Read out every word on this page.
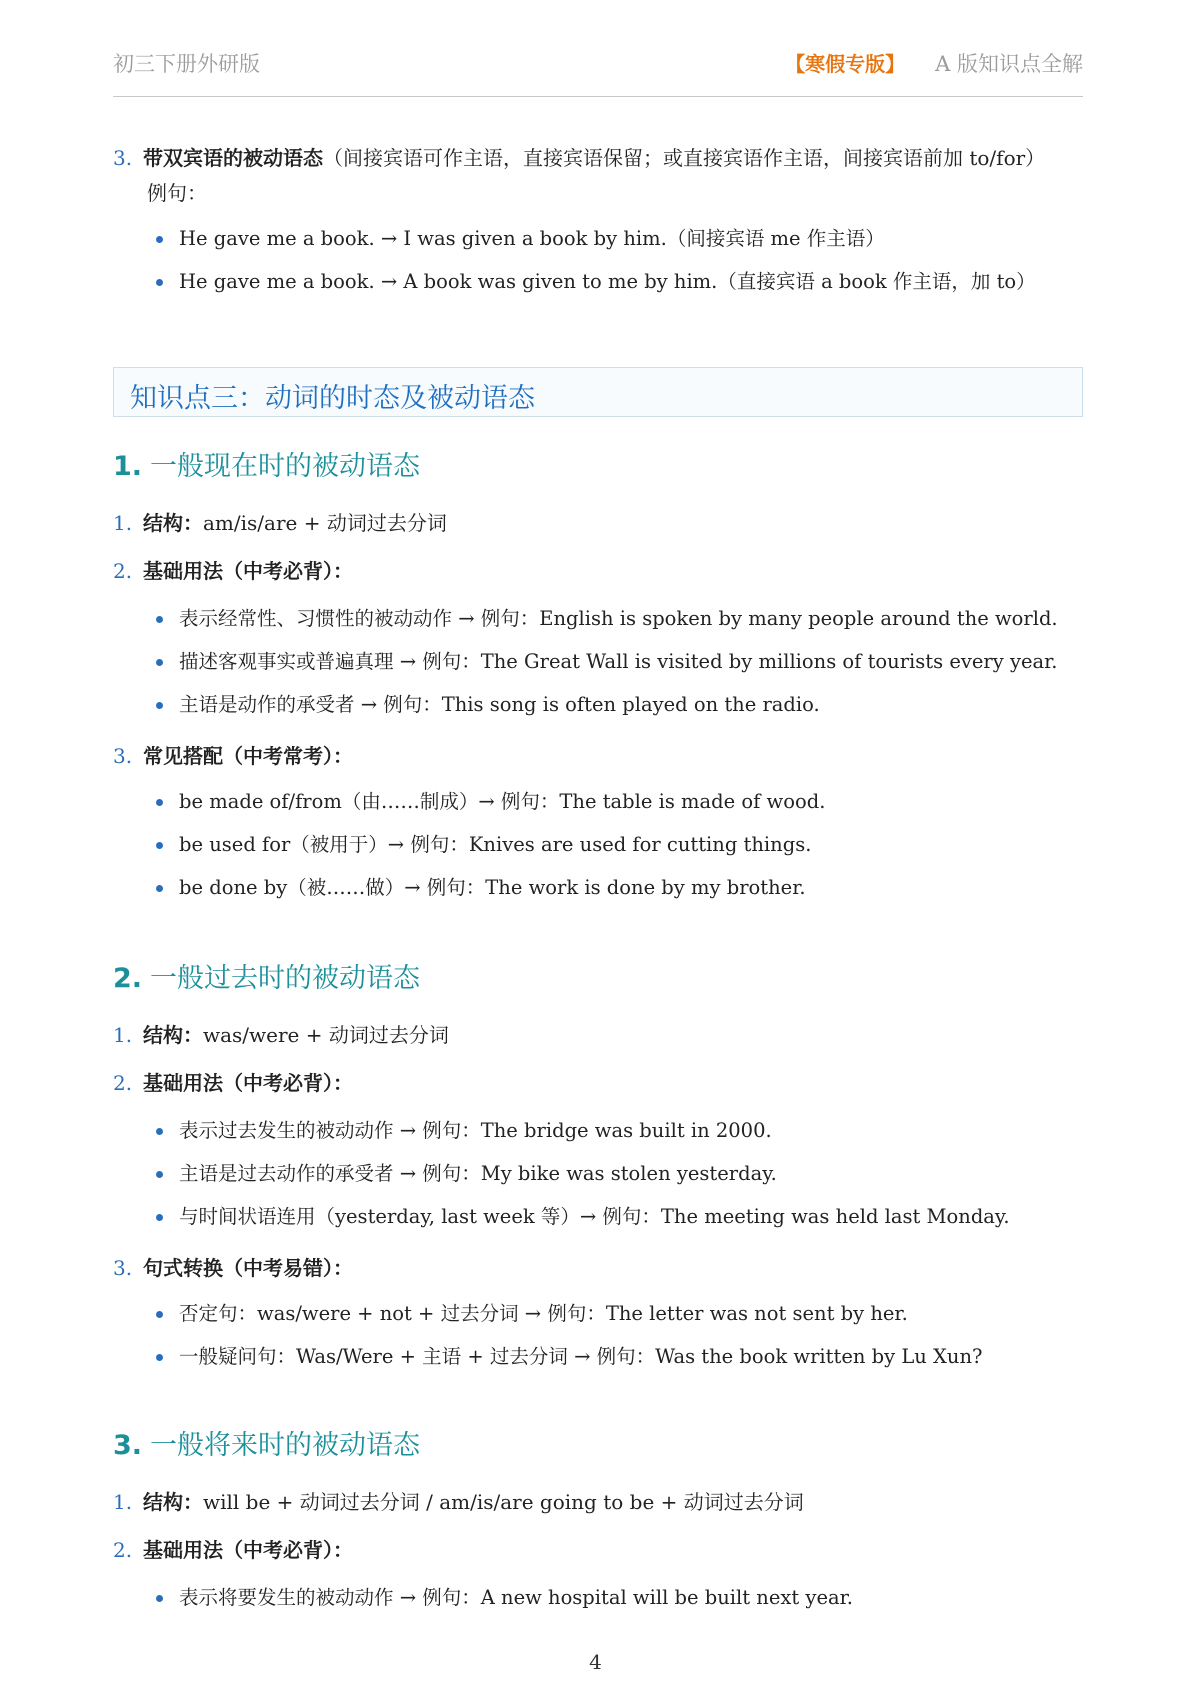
初三下册外研版	【寒假专版】 A 版知识点全解
3. 带双宾语的被动语态（间接宾语可作主语，直接宾语保留；或直接宾语作主语，间接宾语前加 to/for）
例句：
He gave me a book. → I was given a book by him.（间接宾语 me 作主语）
He gave me a book. → A book was given to me by him.（直接宾语 a book 作主语，加 to）
知识点三：动词的时态及被动语态
1. 一般现在时的被动语态
1. 结构：am/is/are + 动词过去分词
2. 基础用法（中考必背）：
表示经常性、习惯性的被动动作 → 例句：English is spoken by many people around the world.
描述客观事实或普遍真理 → 例句：The Great Wall is visited by millions of tourists every year.
主语是动作的承受者 → 例句：This song is often played on the radio.
3. 常见搭配（中考常考）：
be made of/from（由……制成）→ 例句：The table is made of wood.
be used for（被用于）→ 例句：Knives are used for cutting things.
be done by（被……做）→ 例句：The work is done by my brother.
2. 一般过去时的被动语态
1. 结构：was/were + 动词过去分词
2. 基础用法（中考必背）：
表示过去发生的被动动作 → 例句：The bridge was built in 2000.
主语是过去动作的承受者 → 例句：My bike was stolen yesterday.
与时间状语连用（yesterday, last week 等）→ 例句：The meeting was held last Monday.
3. 句式转换（中考易错）：
否定句：was/were + not + 过去分词 → 例句：The letter was not sent by her.
一般疑问句：Was/Were + 主语 + 过去分词 → 例句：Was the book written by Lu Xun?
3. 一般将来时的被动语态
1. 结构：will be + 动词过去分词 / am/is/are going to be + 动词过去分词
2. 基础用法（中考必背）：
表示将要发生的被动动作 → 例句：A new hospital will be built next year.
4
